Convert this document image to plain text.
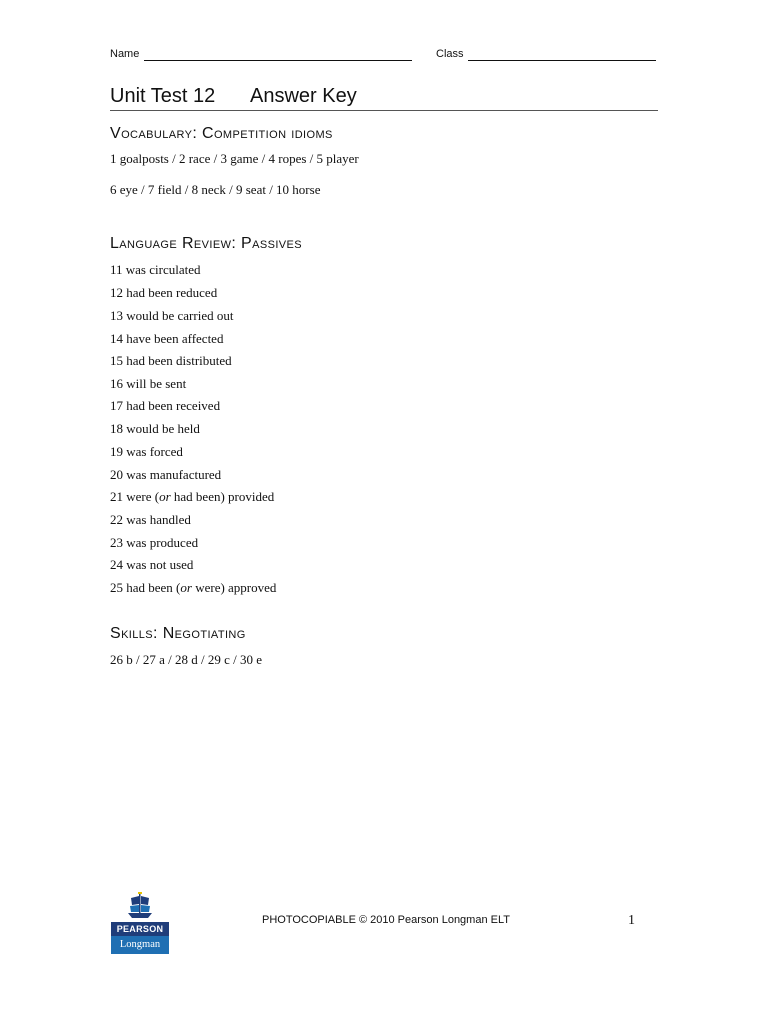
Name	Class
Unit Test 12 Answer Key
Vocabulary: Competition idioms
1 goalposts / 2 race / 3 game / 4 ropes / 5 player
6 eye / 7 field / 8 neck / 9 seat / 10 horse
Language Review: Passives
11 was circulated
12 had been reduced
13 would be carried out
14 have been affected
15 had been distributed
16 will be sent
17 had been received
18 would be held
19 was forced
20 was manufactured
21 were (or had been) provided
22 was handled
23 was produced
24 was not used
25 had been (or were) approved
Skills: Negotiating
26 b / 27 a / 28 d / 29 c / 30 e
PEARSON
Longman
PHOTOCOPIABLE © 2010 Pearson Longman ELT	1
